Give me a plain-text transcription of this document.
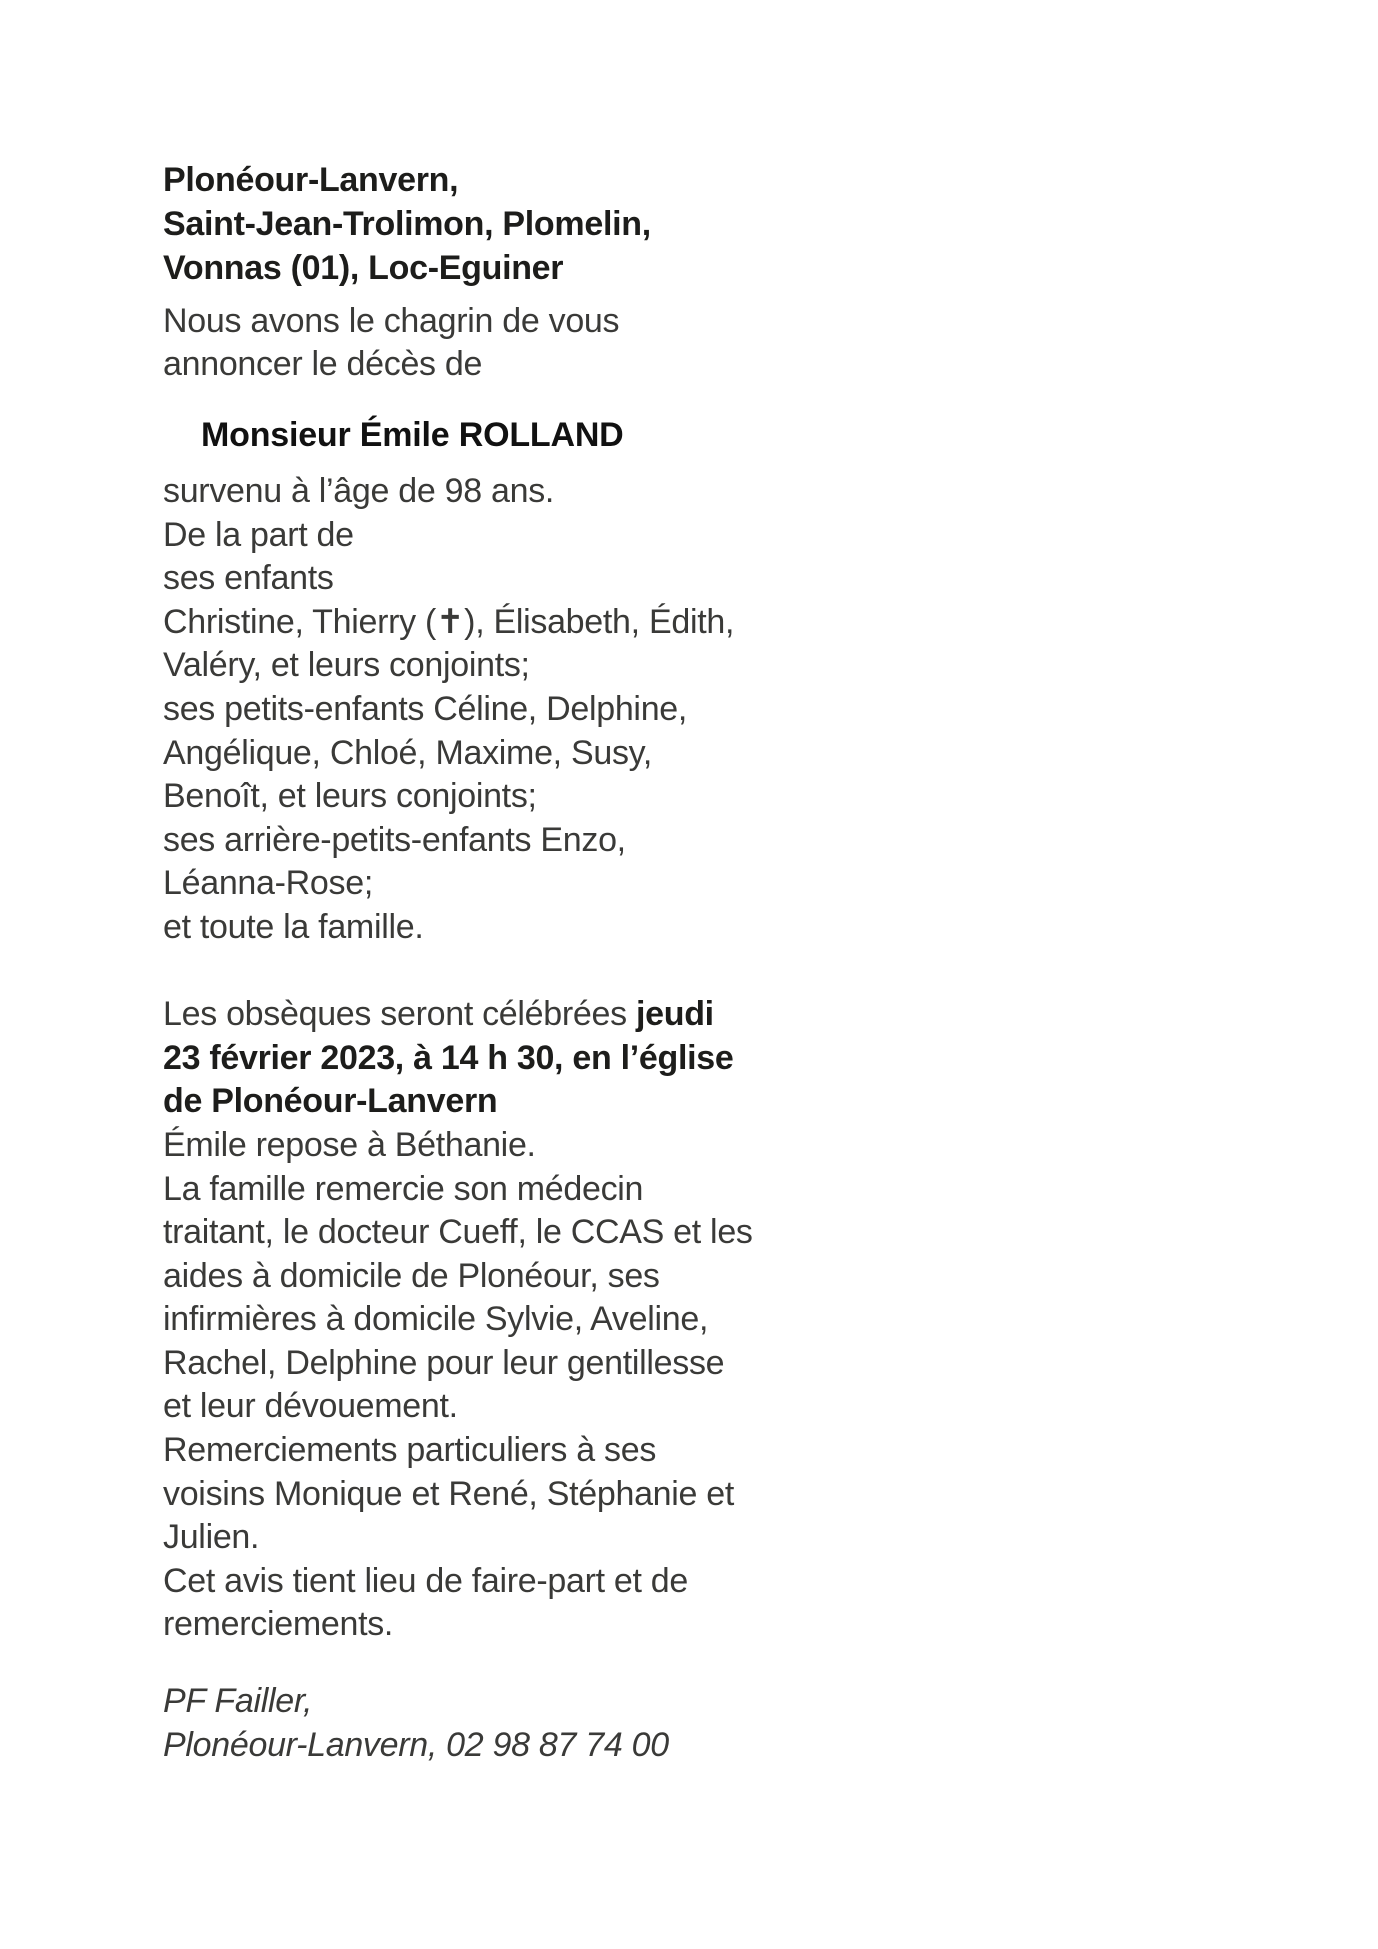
Plonéour-Lanvern,
Saint-Jean-Trolimon, Plomelin,
Vonnas (01), Loc-Eguiner
Nous avons le chagrin de vous
annoncer le décès de
Monsieur Émile ROLLAND
survenu à l’âge de 98 ans.
De la part de
ses enfants
Christine, Thierry (✝), Élisabeth, Édith,
Valéry, et leurs conjoints;
ses petits-enfants Céline, Delphine,
Angélique, Chloé, Maxime, Susy,
Benoît, et leurs conjoints;
ses arrière-petits-enfants Enzo,
Léanna-Rose;
et toute la famille.
Les obsèques seront célébrées jeudi
23 février 2023, à 14 h 30, en l’église
de Plonéour-Lanvern
Émile repose à Béthanie.
La famille remercie son médecin
traitant, le docteur Cueff, le CCAS et les
aides à domicile de Plonéour, ses
infirmières à domicile Sylvie, Aveline,
Rachel, Delphine pour leur gentillesse
et leur dévouement.
Remerciements particuliers à ses
voisins Monique et René, Stéphanie et
Julien.
Cet avis tient lieu de faire-part et de
remerciements.
PF Failler,
Plonéour-Lanvern, 02 98 87 74 00
